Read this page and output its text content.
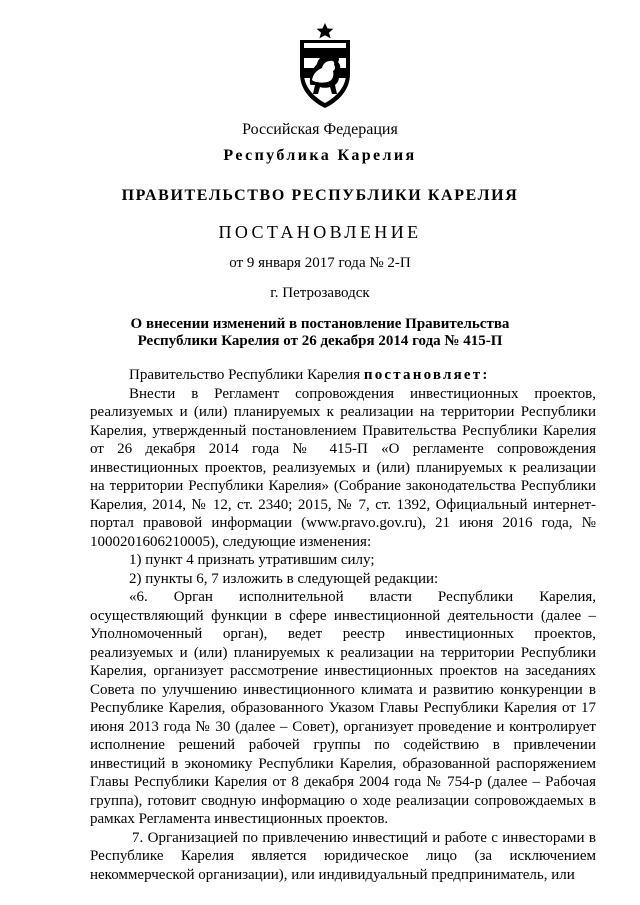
Российская Федерация
Республика Карелия
ПРАВИТЕЛЬСТВО РЕСПУБЛИКИ КАРЕЛИЯ
ПОСТАНОВЛЕНИЕ
от 9 января 2017 года № 2-П
г. Петрозаводск
О внесении изменений в постановление Правительства
Республики Карелия от 26 декабря 2014 года № 415-П

Правительство Республики Карелия постановляет:

Внести в Регламент сопровождения инвестиционных проектов, реализуемых и (или) планируемых к реализации на территории Республики Карелия, утвержденный постановлением Правительства Республики Карелия от 26 декабря 2014 года № 415-П «О регламенте сопровождения инвестиционных проектов, реализуемых и (или) планируемых к реализации на территории Республики Карелия» (Собрание законодательства Республики Карелия, 2014, № 12, ст. 2340; 2015, № 7, ст. 1392, Официальный интернет-портал правовой информации (www.pravo.gov.ru), 21 июня 2016 года, № 1000201606210005), следующие изменения:

1) пункт 4 признать утратившим силу;

2) пункты 6, 7 изложить в следующей редакции:

«6. Орган исполнительной власти Республики Карелия, осуществляющий функции в сфере инвестиционной деятельности (далее – Уполномоченный орган), ведет реестр инвестиционных проектов, реализуемых и (или) планируемых к реализации на территории Республики Карелия, организует рассмотрение инвестиционных проектов на заседаниях Совета по улучшению инвестиционного климата и развитию конкуренции в Республике Карелия, образованного Указом Главы Республики Карелия от 17 июня 2013 года № 30 (далее – Совет), организует проведение и контролирует исполнение решений рабочей группы по содействию в привлечении инвестиций в экономику Республики Карелия, образованной распоряжением Главы Республики Карелия от 8 декабря 2004 года № 754-р (далее – Рабочая группа), готовит сводную информацию о ходе реализации сопровождаемых в рамках Регламента инвестиционных проектов.

7. Организацией по привлечению инвестиций и работе с инвесторами в Республике Карелия является юридическое лицо (за исключением некоммерческой организации), или индивидуальный предприниматель, или
